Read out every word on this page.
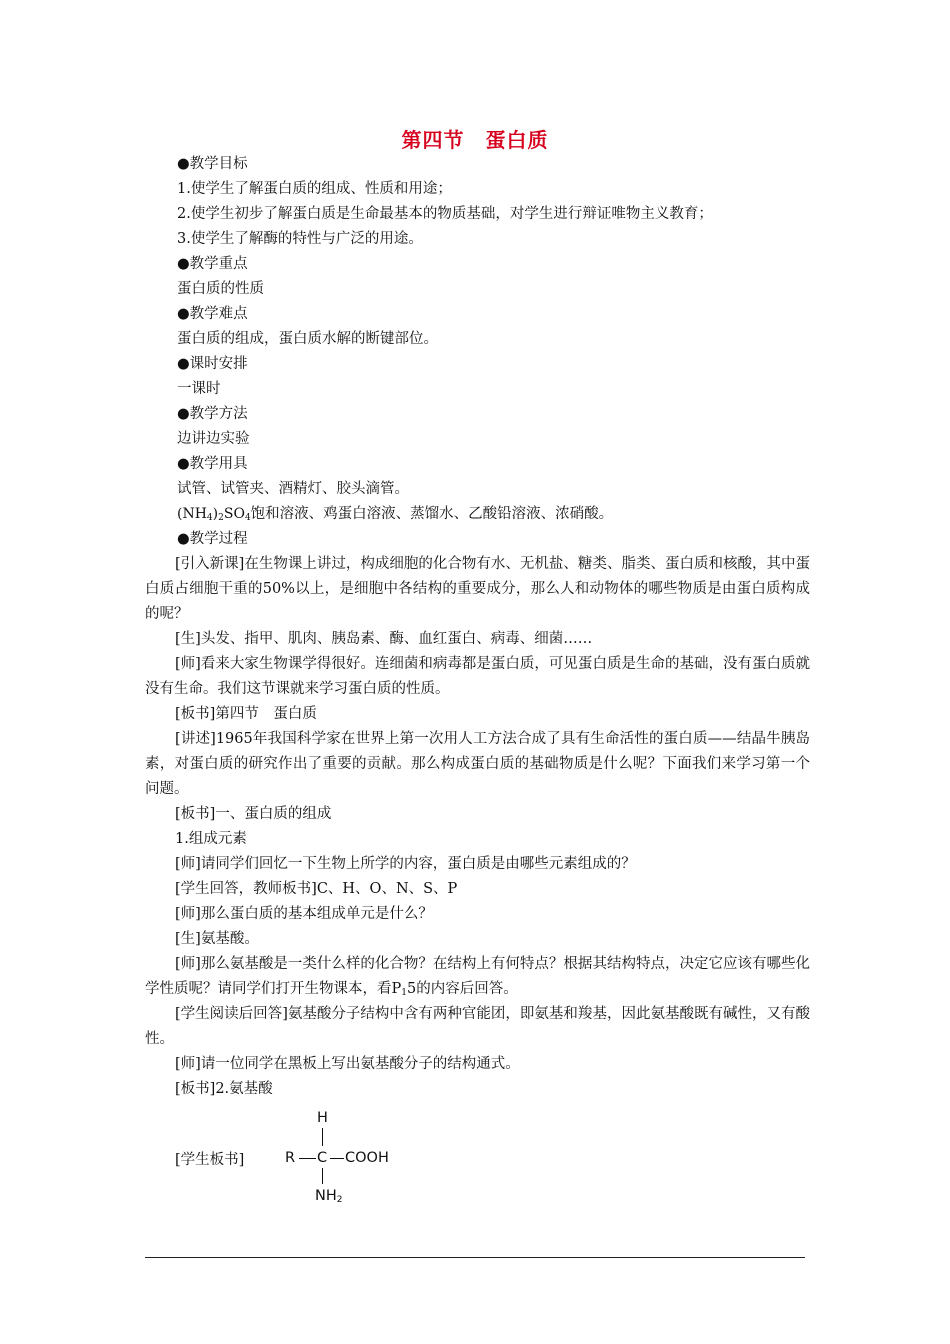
第四节　蛋白质
●教学目标
1.使学生了解蛋白质的组成、性质和用途；
2.使学生初步了解蛋白质是生命最基本的物质基础，对学生进行辩证唯物主义教育；
3.使学生了解酶的特性与广泛的用途。
●教学重点
蛋白质的性质
●教学难点
蛋白质的组成，蛋白质水解的断键部位。
●课时安排
一课时
●教学方法
边讲边实验
●教学用具
试管、试管夹、酒精灯、胶头滴管。
$(NH_4)_2SO_4$饱和溶液、鸡蛋白溶液、蒸馏水、乙酸铅溶液、浓硝酸。
●教学过程
[引入新课]在生物课上讲过，构成细胞的化合物有水、无机盐、糖类、脂类、蛋白质和核酸，其中蛋白质占细胞干重的50%以上，是细胞中各结构的重要成分，那么人和动物体的哪些物质是由蛋白质构成的呢？
[生]头发、指甲、肌肉、胰岛素、酶、血红蛋白、病毒、细菌……
[师]看来大家生物课学得很好。连细菌和病毒都是蛋白质，可见蛋白质是生命的基础，没有蛋白质就没有生命。我们这节课就来学习蛋白质的性质。
[板书]第四节　蛋白质
[讲述]1965年我国科学家在世界上第一次用人工方法合成了具有生命活性的蛋白质——结晶牛胰岛素，对蛋白质的研究作出了重要的贡献。那么构成蛋白质的基础物质是什么呢？下面我们来学习第一个问题。
[板书]一、蛋白质的组成
1.组成元素
[师]请同学们回忆一下生物上所学的内容，蛋白质是由哪些元素组成的？
[学生回答，教师板书]C、H、O、N、S、P
[师]那么蛋白质的基本组成单元是什么？
[生]氨基酸。
[师]那么氨基酸是一类什么样的化合物？在结构上有何特点？根据其结构特点，决定它应该有哪些化学性质呢？请同学们打开生物课本，看$P_15$的内容后回答。
[学生阅读后回答]氨基酸分子结构中含有两种官能团，即氨基和羧基，因此氨基酸既有碱性，又有酸性。
[师]请一位同学在黑板上写出氨基酸分子的结构通式。
[板书]2.氨基酸
[学生板书]
H
R C COOH
$NH_2$
